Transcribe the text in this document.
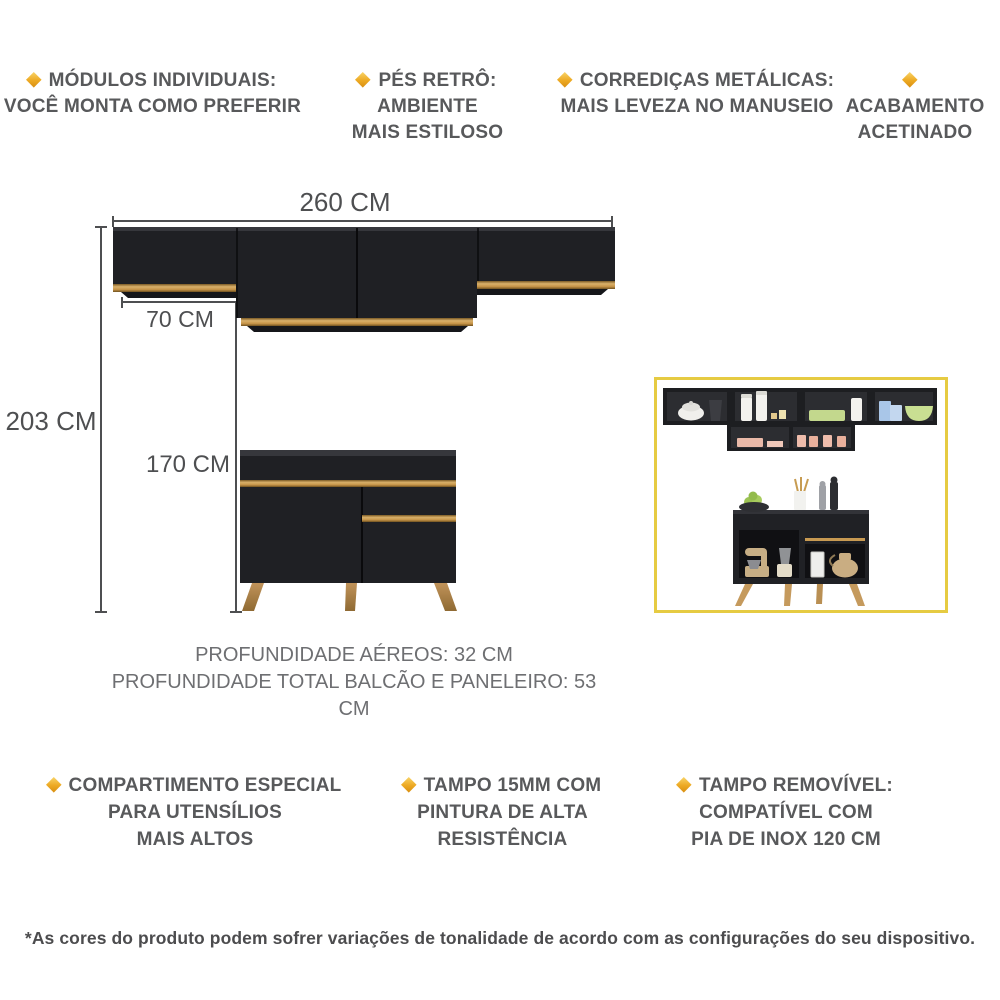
MÓDULOS INDIVIDUAIS:
VOCÊ MONTA COMO PREFERIR
PÉS RETRÔ: AMBIENTE
MAIS ESTILOSO
CORREDIÇAS METÁLICAS:
MAIS LEVEZA NO MANUSEIO ACABAMENTO
ACETINADO
260 CM
203 CM
70 CM
170 CM
PROFUNDIDADE AÉREOS: 32 CM
PROFUNDIDADE TOTAL BALCÃO E PANELEIRO: 53 CM
COMPARTIMENTO ESPECIAL
PARA UTENSÍLIOS
MAIS ALTOS
TAMPO 15MM COM
PINTURA DE ALTA
RESISTÊNCIA
TAMPO REMOVÍVEL:
COMPATÍVEL COM
PIA DE INOX 120 CM
*As cores do produto podem sofrer variações de tonalidade de acordo com as configurações do seu dispositivo.
